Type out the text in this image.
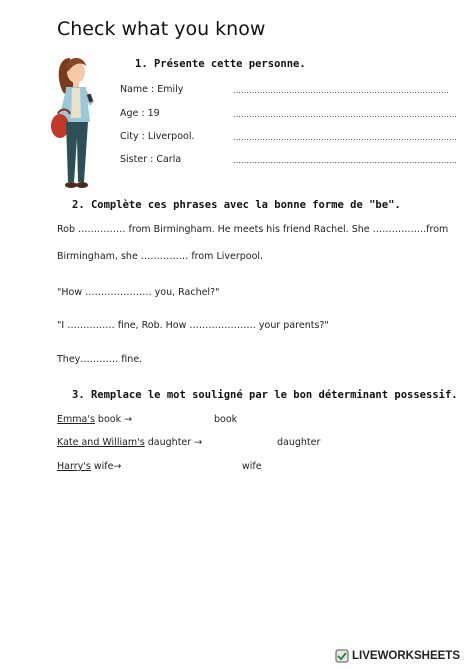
Check what you know
1. Présente cette personne.
Name : Emily	………………………………………………………………………
Age : 19	…………………………………………………………………………
City : Liverpool.	…………………………………………………………………………
Sister : Carla	…………………………………………………………………………
2. Complète ces phrases avec la bonne forme de "be".
Rob …………… from Birmingham. He meets his friend Rachel. She ……………..from
Birmingham, she …………… from Liverpool.
"How ………………… you, Rachel?"
"I …………… fine, Rob. How ………………… your parents?"
They………… fine.
3. Remplace le mot souligné par le bon déterminant possessif.
Emma's book →	book
Kate and William's daughter →	daughter
Harry's wife→	wife
LIVEWORKSHEETS
